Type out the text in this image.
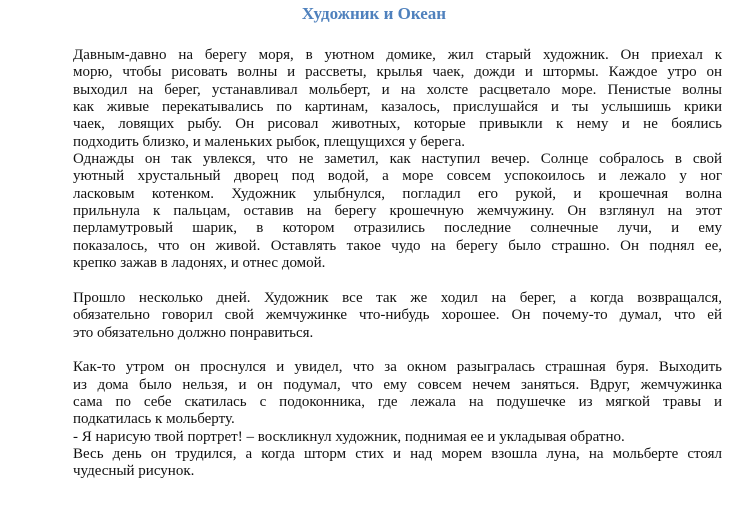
Художник и Океан
Давным-давно на берегу моря, в уютном домике, жил старый художник. Он приехал к
морю, чтобы рисовать волны и рассветы, крылья чаек, дожди и штормы. Каждое утро он
выходил на берег, устанавливал мольберт, и на холсте расцветало море. Пенистые волны
как живые перекатывались по картинам, казалось, прислушайся и ты услышишь крики
чаек, ловящих рыбу. Он рисовал животных, которые привыкли к нему и не боялись
подходить близко, и маленьких рыбок, плещущихся у берега.
Однажды он так увлекся, что не заметил, как наступил вечер. Солнце собралось в свой
уютный хрустальный дворец под водой, а море совсем успокоилось и лежало у ног
ласковым котенком. Художник улыбнулся, погладил его рукой, и крошечная волна
прильнула к пальцам, оставив на берегу крошечную жемчужину. Он взглянул на этот
перламутровый шарик, в котором отразились последние солнечные лучи, и ему
показалось, что он живой. Оставлять такое чудо на берегу было страшно. Он поднял ее,
крепко зажав в ладонях, и отнес домой.
Прошло несколько дней. Художник все так же ходил на берег, а когда возвращался,
обязательно говорил свой жемчужинке что-нибудь хорошее. Он почему-то думал, что ей
это обязательно должно понравиться.
Как-то утром он проснулся и увидел, что за окном разыгралась страшная буря. Выходить
из дома было нельзя, и он подумал, что ему совсем нечем заняться. Вдруг, жемчужинка
сама по себе скатилась с подоконника, где лежала на подушечке из мягкой травы и
подкатилась к мольберту.
- Я нарисую твой портрет! – воскликнул художник, поднимая ее и укладывая обратно.
Весь день он трудился, а когда шторм стих и над морем взошла луна, на мольберте стоял
чудесный рисунок.
